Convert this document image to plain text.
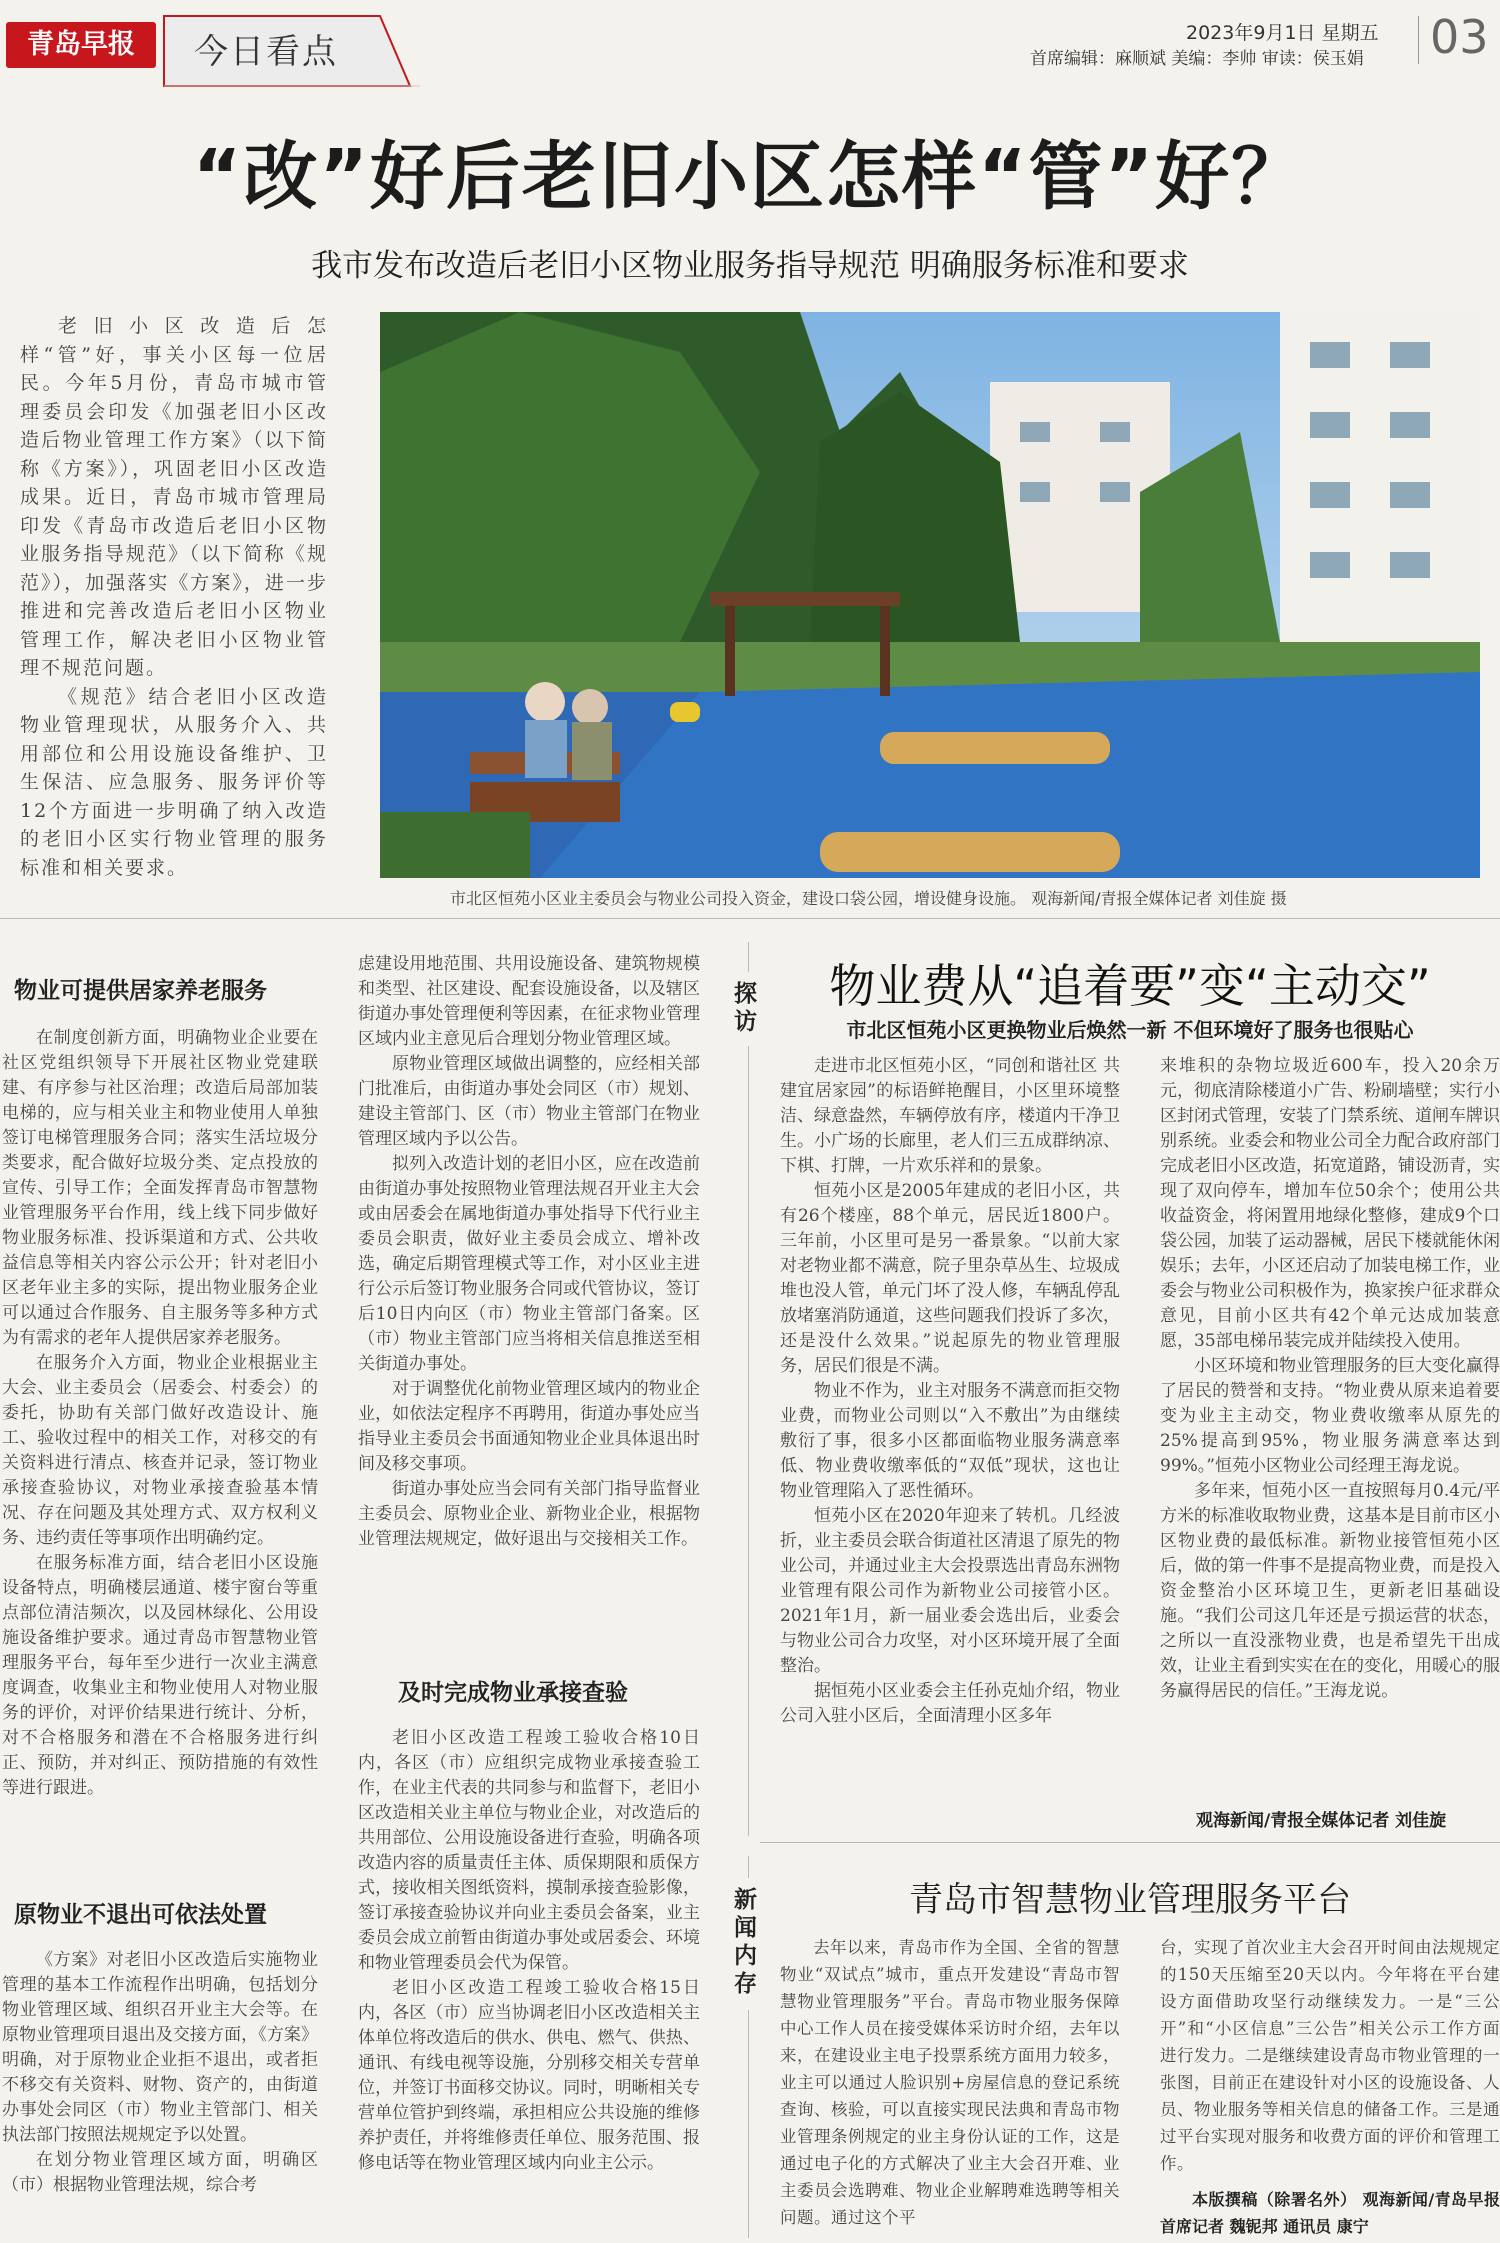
青岛早报	今日看点	2023年9月1日 星期五
首席编辑：麻顺斌 美编：李帅 审读：侯玉娟 03
“改”好后老旧小区怎样“管”好？
我市发布改造后老旧小区物业服务指导规范 明确服务标准和要求

老旧小区改造后怎样“管”好，事关小区每一位居民。今年5月份，青岛市城市管理委员会印发《加强老旧小区改造后物业管理工作方案》（以下简称《方案》），巩固老旧小区改造成果。近日，青岛市城市管理局印发《青岛市改造后老旧小区物业服务指导规范》（以下简称《规范》），加强落实《方案》，进一步推进和完善改造后老旧小区物业管理工作，解决老旧小区物业管理不规范问题。

《规范》结合老旧小区改造物业管理现状，从服务介入、共用部位和公用设施设备维护、卫生保洁、应急服务、服务评价等12个方面进一步明确了纳入改造的老旧小区实行物业管理的服务标准和相关要求。

市北区恒苑小区业主委员会与物业公司投入资金，建设口袋公园，增设健身设施。 观海新闻/青报全媒体记者 刘佳旋 摄
物业可提供居家养老服务

在制度创新方面，明确物业企业要在社区党组织领导下开展社区物业党建联建、有序参与社区治理；改造后局部加装电梯的，应与相关业主和物业使用人单独签订电梯管理服务合同；落实生活垃圾分类要求，配合做好垃圾分类、定点投放的宣传、引导工作；全面发挥青岛市智慧物业管理服务平台作用，线上线下同步做好物业服务标准、投诉渠道和方式、公共收益信息等相关内容公示公开；针对老旧小区老年业主多的实际，提出物业服务企业可以通过合作服务、自主服务等多种方式为有需求的老年人提供居家养老服务。

在服务介入方面，物业企业根据业主大会、业主委员会（居委会、村委会）的委托，协助有关部门做好改造设计、施工、验收过程中的相关工作，对移交的有关资料进行清点、核查并记录，签订物业承接查验协议，对物业承接查验基本情况、存在问题及其处理方式、双方权利义务、违约责任等事项作出明确约定。

在服务标准方面，结合老旧小区设施设备特点，明确楼层通道、楼宇窗台等重点部位清洁频次，以及园林绿化、公用设施设备维护要求。通过青岛市智慧物业管理服务平台，每年至少进行一次业主满意度调查，收集业主和物业使用人对物业服务的评价，对评价结果进行统计、分析，对不合格服务和潜在不合格服务进行纠正、预防，并对纠正、预防措施的有效性等进行跟进。

原物业不退出可依法处置

《方案》对老旧小区改造后实施物业管理的基本工作流程作出明确，包括划分物业管理区域、组织召开业主大会等。在原物业管理项目退出及交接方面，《方案》明确，对于原物业企业拒不退出，或者拒不移交有关资料、财物、资产的，由街道办事处会同区（市）物业主管部门、相关执法部门按照法规规定予以处置。

在划分物业管理区域方面，明确区（市）根据物业管理法规，综合考

虑建设用地范围、共用设施设备、建筑物规模和类型、社区建设、配套设施设备，以及辖区街道办事处管理便利等因素，在征求物业管理区域内业主意见后合理划分物业管理区域。

原物业管理区域做出调整的，应经相关部门批准后，由街道办事处会同区（市）规划、建设主管部门、区（市）物业主管部门在物业管理区域内予以公告。

拟列入改造计划的老旧小区，应在改造前由街道办事处按照物业管理法规召开业主大会或由居委会在属地街道办事处指导下代行业主委员会职责，做好业主委员会成立、增补改选，确定后期管理模式等工作，对小区业主进行公示后签订物业服务合同或代管协议，签订后10日内向区（市）物业主管部门备案。区（市）物业主管部门应当将相关信息推送至相关街道办事处。

对于调整优化前物业管理区域内的物业企业，如依法定程序不再聘用，街道办事处应当指导业主委员会书面通知物业企业具体退出时间及移交事项。

街道办事处应当会同有关部门指导监督业主委员会、原物业企业、新物业企业，根据物业管理法规规定，做好退出与交接相关工作。

及时完成物业承接查验

老旧小区改造工程竣工验收合格10日内，各区（市）应组织完成物业承接查验工作，在业主代表的共同参与和监督下，老旧小区改造相关业主单位与物业企业，对改造后的共用部位、公用设施设备进行查验，明确各项改造内容的质量责任主体、质保期限和质保方式，接收相关图纸资料，摸制承接查验影像，签订承接查验协议并向业主委员会备案，业主委员会成立前暂由街道办事处或居委会、环境和物业管理委员会代为保管。

老旧小区改造工程竣工验收合格15日内，各区（市）应当协调老旧小区改造相关主体单位将改造后的供水、供电、燃气、供热、通讯、有线电视等设施，分别移交相关专营单位，并签订书面移交协议。同时，明晰相关专营单位管护到终端，承担相应公共设施的维修养护责任，并将维修责任单位、服务范围、报修电话等在物业管理区域内向业主公示。

探访
物业费从“追着要”变“主动交”
市北区恒苑小区更换物业后焕然一新 不但环境好了服务也很贴心

走进市北区恒苑小区，“同创和谐社区 共建宜居家园”的标语鲜艳醒目，小区里环境整洁、绿意盎然，车辆停放有序，楼道内干净卫生。小广场的长廊里，老人们三五成群纳凉、下棋、打牌，一片欢乐祥和的景象。

恒苑小区是2005年建成的老旧小区，共有26个楼座，88个单元，居民近1800户。三年前，小区里可是另一番景象。“以前大家对老物业都不满意，院子里杂草丛生、垃圾成堆也没人管，单元门坏了没人修，车辆乱停乱放堵塞消防通道，这些问题我们投诉了多次，还是没什么效果。”说起原先的物业管理服务，居民们很是不满。

物业不作为，业主对服务不满意而拒交物业费，而物业公司则以“入不敷出”为由继续敷衍了事，很多小区都面临物业服务满意率低、物业费收缴率低的“双低”现状，这也让物业管理陷入了恶性循环。

恒苑小区在2020年迎来了转机。几经波折，业主委员会联合街道社区清退了原先的物业公司，并通过业主大会投票选出青岛东洲物业管理有限公司作为新物业公司接管小区。2021年1月，新一届业委会选出后，业委会与物业公司合力攻坚，对小区环境开展了全面整治。

据恒苑小区业委会主任孙克灿介绍，物业公司入驻小区后，全面清理小区多年

来堆积的杂物垃圾近600车，投入20余万元，彻底清除楼道小广告、粉刷墙壁；实行小区封闭式管理，安装了门禁系统、道闸车牌识别系统。业委会和物业公司全力配合政府部门完成老旧小区改造，拓宽道路，铺设沥青，实现了双向停车，增加车位50余个；使用公共收益资金，将闲置用地绿化整修，建成9个口袋公园，加装了运动器械，居民下楼就能休闲娱乐；去年，小区还启动了加装电梯工作，业委会与物业公司积极作为，换家挨户征求群众意见，目前小区共有42个单元达成加装意愿，35部电梯吊装完成并陆续投入使用。

小区环境和物业管理服务的巨大变化赢得了居民的赞誉和支持。“物业费从原来追着要变为业主主动交，物业费收缴率从原先的25%提高到95%，物业服务满意率达到99%。”恒苑小区物业公司经理王海龙说。

多年来，恒苑小区一直按照每月0.4元/平方米的标准收取物业费，这基本是目前市区小区物业费的最低标准。新物业接管恒苑小区后，做的第一件事不是提高物业费，而是投入资金整治小区环境卫生，更新老旧基础设施。“我们公司这几年还是亏损运营的状态，之所以一直没涨物业费，也是希望先干出成效，让业主看到实实在在的变化，用暖心的服务赢得居民的信任。”王海龙说。

观海新闻/青报全媒体记者 刘佳旋
新闻内存
青岛市智慧物业管理服务平台

去年以来，青岛市作为全国、全省的智慧物业“双试点”城市，重点开发建设“青岛市智慧物业管理服务”平台。青岛市物业服务保障中心工作人员在接受媒体采访时介绍，去年以来，在建设业主电子投票系统方面用力较多，业主可以通过人脸识别+房屋信息的登记系统查询、核验，可以直接实现民法典和青岛市物业管理条例规定的业主身份认证的工作，这是通过电子化的方式解决了业主大会召开难、业主委员会选聘难、物业企业解聘难选聘等相关问题。通过这个平

台，实现了首次业主大会召开时间由法规规定的150天压缩至20天以内。今年将在平台建设方面借助攻坚行动继续发力。一是“三公开”和“小区信息”三公告”相关公示工作方面进行发力。二是继续建设青岛市物业管理的一张图，目前正在建设针对小区的设施设备、人员、物业服务等相关信息的储备工作。三是通过平台实现对服务和收费方面的评价和管理工作。

本版撰稿（除署名外） 观海新闻/青岛早报首席记者 魏铌邦 通讯员 康宁
